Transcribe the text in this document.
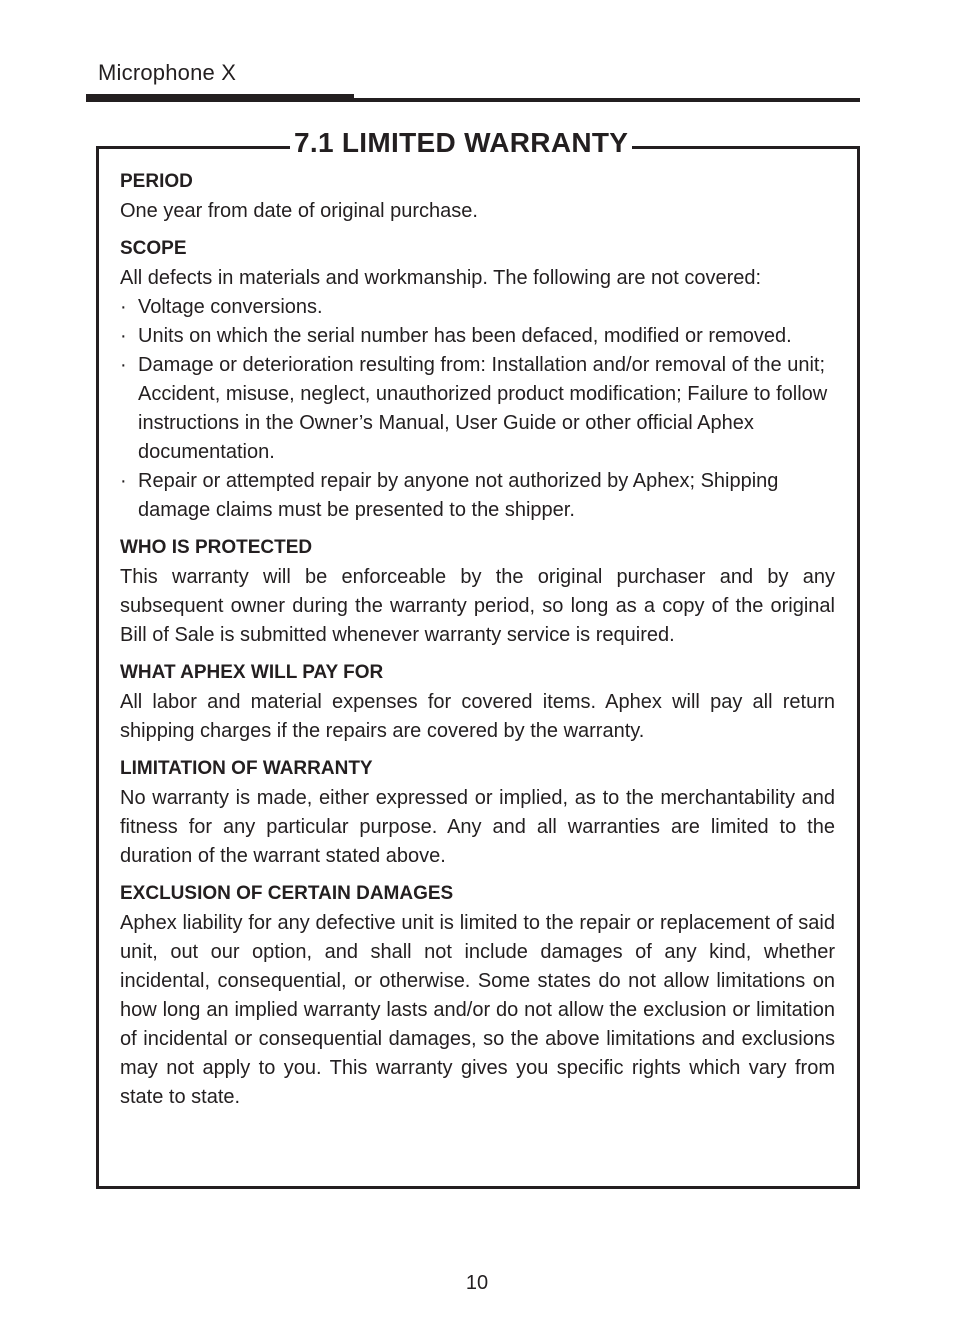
Microphone X
7.1 LIMITED WARRANTY
PERIOD

One year from date of original purchase.

SCOPE

All defects in materials and workmanship. The following are not covered:

· Voltage conversions.
· Units on which the serial number has been defaced, modified or removed.
· Damage or deterioration resulting from: Installation and/or removal of the unit; Accident, misuse, neglect, unauthorized product modification; Failure to follow instructions in the Owner’s Manual, User Guide or other official Aphex documentation.
· Repair or attempted repair by anyone not authorized by Aphex; Shipping damage claims must be presented to the shipper.
WHO IS PROTECTED

This warranty will be enforceable by the original purchaser and by any subsequent owner during the warranty period, so long as a copy of the original Bill of Sale is submitted whenever warranty service is required.

WHAT APHEX WILL PAY FOR

All labor and material expenses for covered items. Aphex will pay all return shipping charges if the repairs are covered by the warranty.

LIMITATION OF WARRANTY

No warranty is made, either expressed or implied, as to the merchantability and fitness for any particular purpose. Any and all warranties are limited to the duration of the warrant stated above.

EXCLUSION OF CERTAIN DAMAGES

Aphex liability for any defective unit is limited to the repair or replacement of said unit, out our option, and shall not include damages of any kind, whether incidental, consequential, or otherwise. Some states do not allow limitations on how long an implied warranty lasts and/or do not allow the exclusion or limitation of incidental or consequential damages, so the above limitations and exclusions may not apply to you. This warranty gives you specific rights which vary from state to state.

10
